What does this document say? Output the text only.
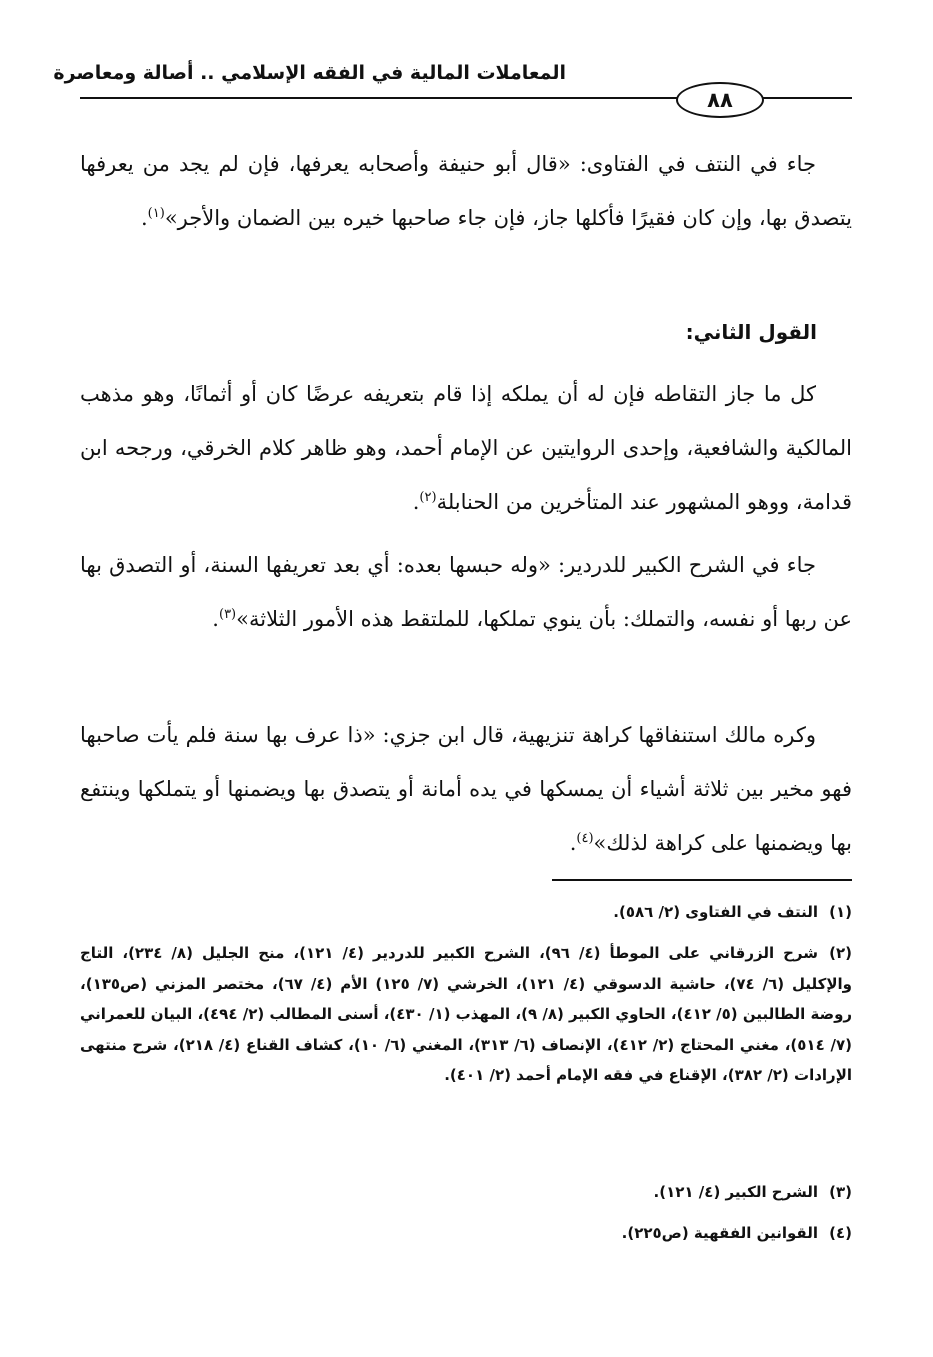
المعاملات المالية في الفقه الإسلامي .. أصالة ومعاصرة
٨٨
جاء في النتف في الفتاوى: «قال أبو حنيفة وأصحابه يعرفها، فإن لم يجد من يعرفها يتصدق بها، وإن كان فقيرًا فأكلها جاز، فإن جاء صاحبها خيره بين الضمان والأجر»$^{(١)}$.
القول الثاني:
كل ما جاز التقاطه فإن له أن يملكه إذا قام بتعريفه عرضًا كان أو أثمانًا، وهو مذهب المالكية والشافعية، وإحدى الروايتين عن الإمام أحمد، وهو ظاهر كلام الخرقي، ورجحه ابن قدامة، ووهو المشهور عند المتأخرين من الحنابلة$^{(٢)}$.
جاء في الشرح الكبير للدردير: «وله حبسها بعده: أي بعد تعريفها السنة، أو التصدق بها عن ربها أو نفسه، والتملك: بأن ينوي تملكها، للملتقط هذه الأمور الثلاثة»$^{(٣)}$.
وكره مالك استنفاقها كراهة تنزيهية، قال ابن جزي: «ذا عرف بها سنة فلم يأت صاحبها فهو مخير بين ثلاثة أشياء أن يمسكها في يده أمانة أو يتصدق بها ويضمنها أو يتملكها وينتفع بها ويضمنها على كراهة لذلك»$^{(٤)}$.
(١)النتف في الفتاوى (٢/ ٥٨٦).
(٢)شرح الزرقاني على الموطأ (٤/ ٩٦)، الشرح الكبير للدردير (٤/ ١٢١)، منح الجليل (٨/ ٢٣٤)، التاج والإكليل (٦/ ٧٤)، حاشية الدسوقي (٤/ ١٢١)، الخرشي (٧/ ١٢٥) الأم (٤/ ٦٧)، مختصر المزني (ص١٣٥)، روضة الطالبين (٥/ ٤١٢)، الحاوي الكبير (٨/ ٩)، المهذب (١/ ٤٣٠)، أسنى المطالب (٢/ ٤٩٤)، البيان للعمراني (٧/ ٥١٤)، مغني المحتاج (٢/ ٤١٢)، الإنصاف (٦/ ٣١٣)، المغني (٦/ ١٠)، كشاف القناع (٤/ ٢١٨)، شرح منتهى الإرادات (٢/ ٣٨٢)، الإقناع في فقه الإمام أحمد (٢/ ٤٠١).
(٣)الشرح الكبير (٤/ ١٢١).
(٤)القوانين الفقهية (ص٢٢٥).
